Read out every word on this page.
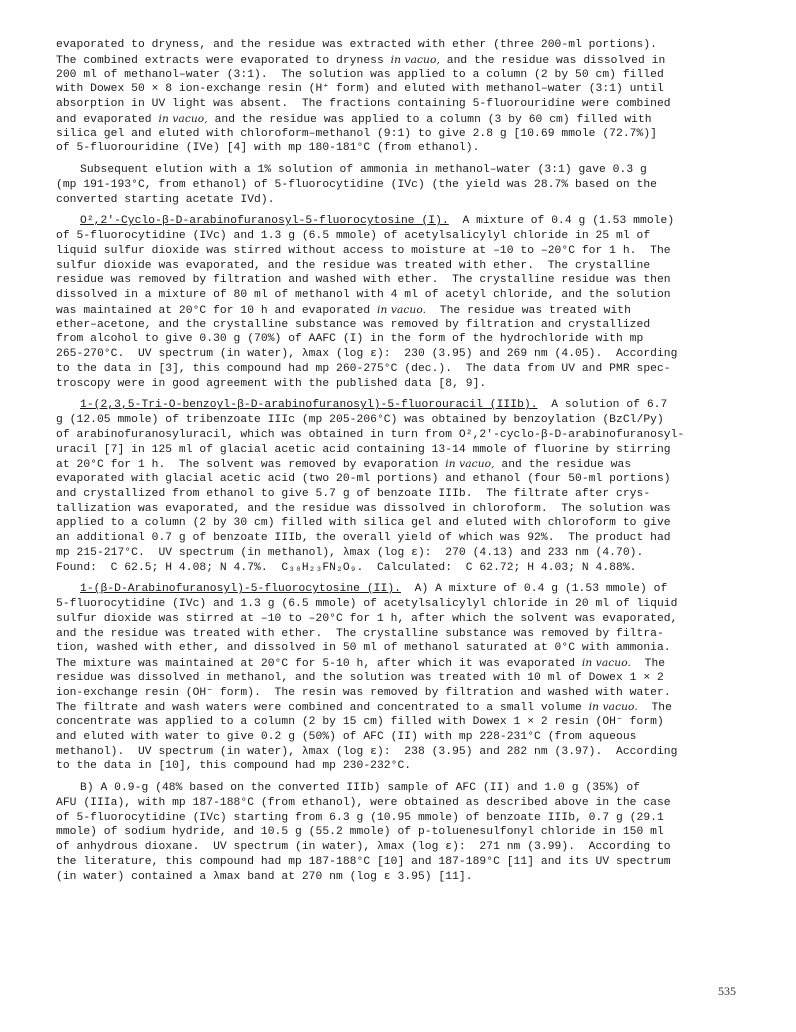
evaporated to dryness, and the residue was extracted with ether (three 200-ml portions).
The combined extracts were evaporated to dryness in vacuo, and the residue was dissolved in
200 ml of methanol–water (3:1).  The solution was applied to a column (2 by 50 cm) filled
with Dowex 50 × 8 ion-exchange resin (H⁺ form) and eluted with methanol–water (3:1) until
absorption in UV light was absent.  The fractions containing 5-fluorouridine were combined
and evaporated in vacuo, and the residue was applied to a column (3 by 60 cm) filled with
silica gel and eluted with chloroform–methanol (9:1) to give 2.8 g [10.69 mmole (72.7%)]
of 5-fluorouridine (IVe) [4] with mp 180-181°C (from ethanol).
Subsequent elution with a 1% solution of ammonia in methanol–water (3:1) gave 0.3 g
(mp 191-193°C, from ethanol) of 5-fluorocytidine (IVc) (the yield was 28.7% based on the
converted starting acetate IVd).
O²,2'-Cyclo-β-D-arabinofuranosyl-5-fluorocytosine (I).  A mixture of 0.4 g (1.53 mmole)
of 5-fluorocytidine (IVc) and 1.3 g (6.5 mmole) of acetylsalicylyl chloride in 25 ml of
liquid sulfur dioxide was stirred without access to moisture at –10 to –20°C for 1 h.  The
sulfur dioxide was evaporated, and the residue was treated with ether.  The crystalline
residue was removed by filtration and washed with ether.  The crystalline residue was then
dissolved in a mixture of 80 ml of methanol with 4 ml of acetyl chloride, and the solution
was maintained at 20°C for 10 h and evaporated in vacuo.  The residue was treated with
ether–acetone, and the crystalline substance was removed by filtration and crystallized
from alcohol to give 0.30 g (70%) of AAFC (I) in the form of the hydrochloride with mp
265-270°C.  UV spectrum (in water), λmax (log ε):  230 (3.95) and 269 nm (4.05).  According
to the data in [3], this compound had mp 260-275°C (dec.).  The data from UV and PMR spec-
troscopy were in good agreement with the published data [8, 9].
1-(2,3,5-Tri-O-benzoyl-β-D-arabinofuranosyl)-5-fluorouracil (IIIb).  A solution of 6.7
g (12.05 mmole) of tribenzoate IIIc (mp 205-206°C) was obtained by benzoylation (BzCl/Py)
of arabinofuranosyluracil, which was obtained in turn from O²,2'-cyclo-β-D-arabinofuranosyl-
uracil [7] in 125 ml of glacial acetic acid containing 13-14 mmole of fluorine by stirring
at 20°C for 1 h.  The solvent was removed by evaporation in vacuo, and the residue was
evaporated with glacial acetic acid (two 20-ml portions) and ethanol (four 50-ml portions)
and crystallized from ethanol to give 5.7 g of benzoate IIIb.  The filtrate after crys-
tallization was evaporated, and the residue was dissolved in chloroform.  The solution was
applied to a column (2 by 30 cm) filled with silica gel and eluted with chloroform to give
an additional 0.7 g of benzoate IIIb, the overall yield of which was 92%.  The product had
mp 215-217°C.  UV spectrum (in methanol), λmax (log ε):  270 (4.13) and 233 nm (4.70).
Found:  C 62.5; H 4.08; N 4.7%.  C₃₀H₂₃FN₂O₉.  Calculated:  C 62.72; H 4.03; N 4.88%.
1-(β-D-Arabinofuranosyl)-5-fluorocytosine (II).  A) A mixture of 0.4 g (1.53 mmole) of
5-fluorocytidine (IVc) and 1.3 g (6.5 mmole) of acetylsalicylyl chloride in 20 ml of liquid
sulfur dioxide was stirred at –10 to –20°C for 1 h, after which the solvent was evaporated,
and the residue was treated with ether.  The crystalline substance was removed by filtra-
tion, washed with ether, and dissolved in 50 ml of methanol saturated at 0°C with ammonia.
The mixture was maintained at 20°C for 5-10 h, after which it was evaporated in vacuo.  The
residue was dissolved in methanol, and the solution was treated with 10 ml of Dowex 1 × 2
ion-exchange resin (OH⁻ form).  The resin was removed by filtration and washed with water.
The filtrate and wash waters were combined and concentrated to a small volume in vacuo.  The
concentrate was applied to a column (2 by 15 cm) filled with Dowex 1 × 2 resin (OH⁻ form)
and eluted with water to give 0.2 g (50%) of AFC (II) with mp 228-231°C (from aqueous
methanol).  UV spectrum (in water), λmax (log ε):  238 (3.95) and 282 nm (3.97).  According
to the data in [10], this compound had mp 230-232°C.
B) A 0.9-g (48% based on the converted IIIb) sample of AFC (II) and 1.0 g (35%) of
AFU (IIIa), with mp 187-188°C (from ethanol), were obtained as described above in the case
of 5-fluorocytidine (IVc) starting from 6.3 g (10.95 mmole) of benzoate IIIb, 0.7 g (29.1
mmole) of sodium hydride, and 10.5 g (55.2 mmole) of p-toluenesulfonyl chloride in 150 ml
of anhydrous dioxane.  UV spectrum (in water), λmax (log ε):  271 nm (3.99).  According to
the literature, this compound had mp 187-188°C [10] and 187-189°C [11] and its UV spectrum
(in water) contained a λmax band at 270 nm (log ε 3.95) [11].
535
